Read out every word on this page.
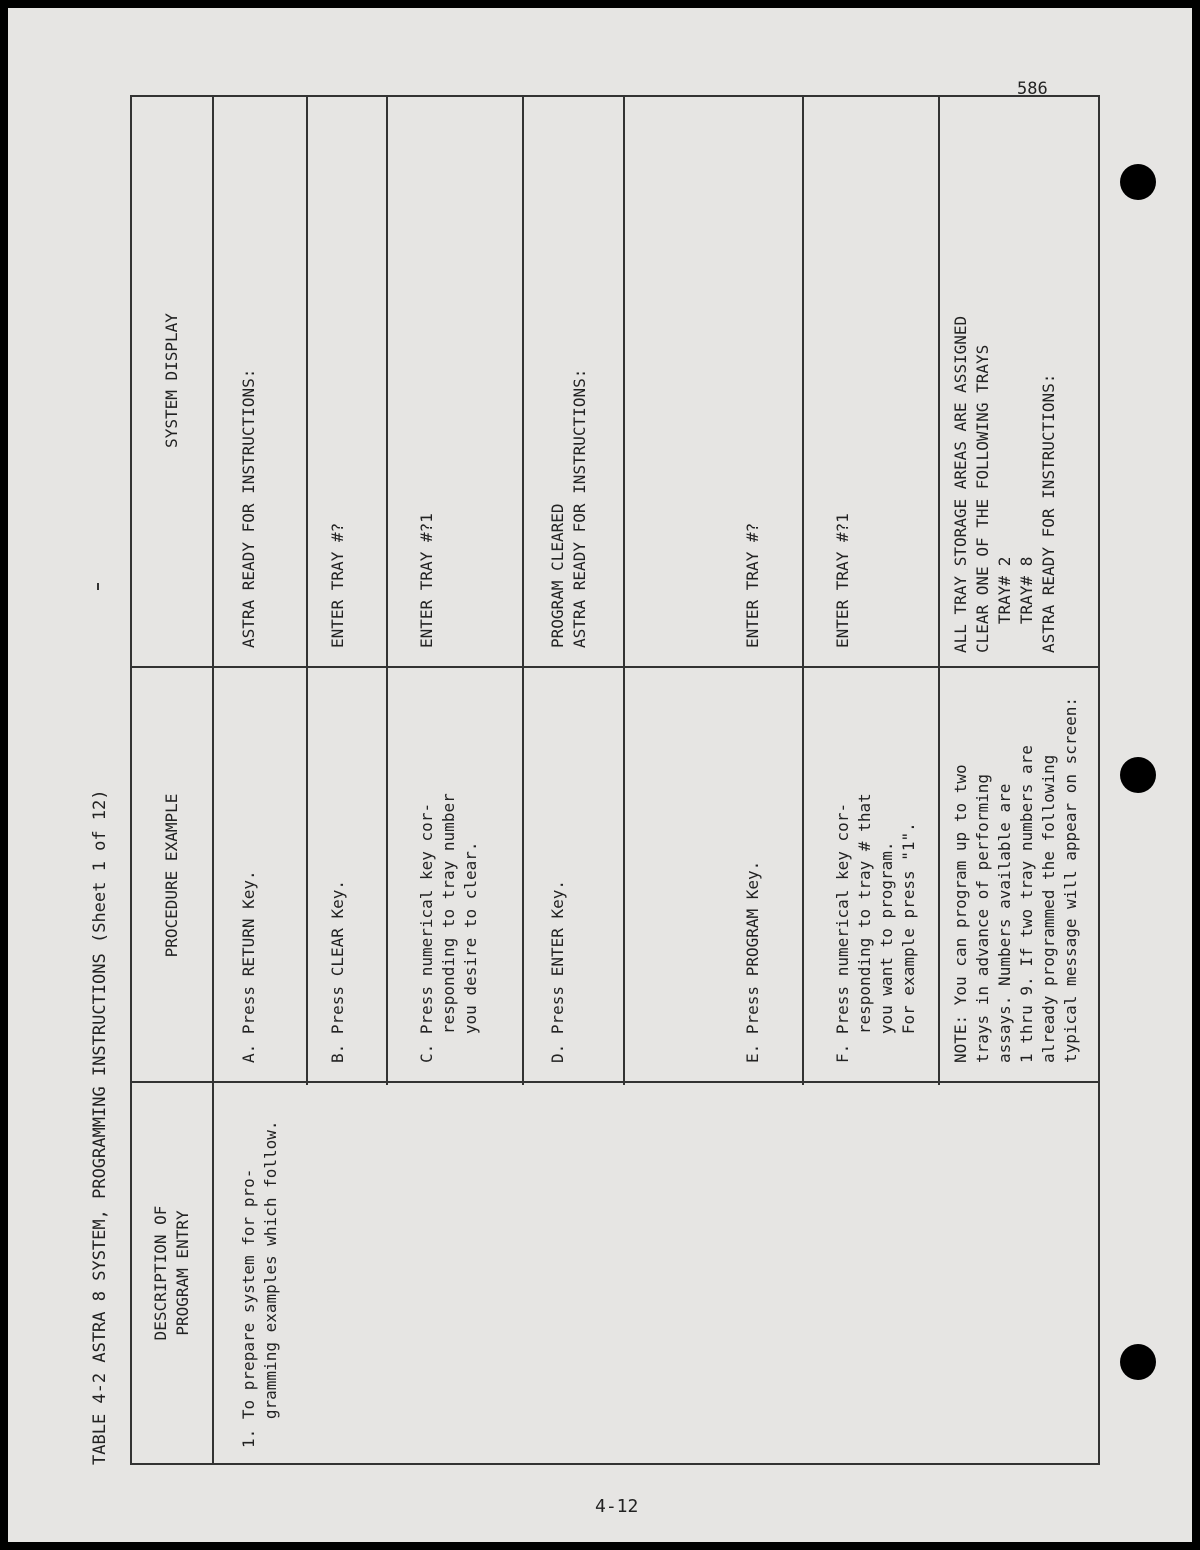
586
4-12
TABLE 4-2 ASTRA 8 SYSTEM, PROGRAMMING INSTRUCTIONS (Sheet 1 of 12)	DESCRIPTION OF
PROGRAM ENTRY
PROCEDURE EXAMPLE
SYSTEM DISPLAY
1. To prepare system for pro-
gramming examples which follow.
A. Press RETURN Key.
ASTRA READY FOR INSTRUCTIONS:
B. Press CLEAR Key.
ENTER TRAY #?
C. Press numerical key cor-
responding to tray number
you desire to clear.
ENTER TRAY #?1
D. Press ENTER Key.
PROGRAM CLEARED
ASTRA READY FOR INSTRUCTIONS:
E. Press PROGRAM Key.
ENTER TRAY #?
F. Press numerical key cor-
responding to tray # that
you want to program.
For example press "1".
ENTER TRAY #?1
NOTE: You can program up to two
trays in advance of performing
assays. Numbers available are
1 thru 9. If two tray numbers are
already programmed the following
typical message will appear on screen:
ALL TRAY STORAGE AREAS ARE ASSIGNED
CLEAR ONE OF THE FOLLOWING TRAYS
TRAY# 2
TRAY# 8
ASTRA READY FOR INSTRUCTIONS:
